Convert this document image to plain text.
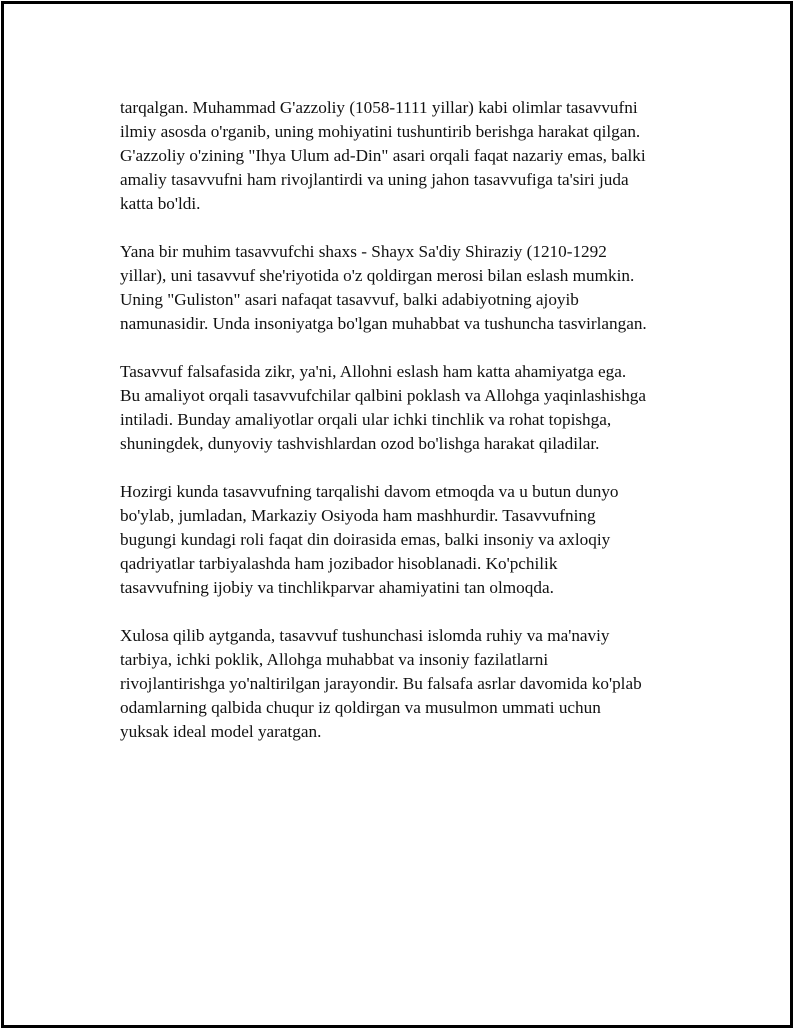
tarqalgan. Muhammad G'azzoliy (1058-1111 yillar) kabi olimlar tasavvufni
ilmiy asosda o'rganib, uning mohiyatini tushuntirib berishga harakat qilgan.
G'azzoliy o'zining "Ihya Ulum ad-Din" asari orqali faqat nazariy emas, balki
amaliy tasavvufni ham rivojlantirdi va uning jahon tasavvufiga ta'siri juda
katta bo'ldi.

Yana bir muhim tasavvufchi shaxs - Shayx Sa'diy Shiraziy (1210-1292
yillar), uni tasavvuf she'riyotida o'z qoldirgan merosi bilan eslash mumkin.
Uning "Guliston" asari nafaqat tasavvuf, balki adabiyotning ajoyib
namunasidir. Unda insoniyatga bo'lgan muhabbat va tushuncha tasvirlangan.

Tasavvuf falsafasida zikr, ya'ni, Allohni eslash ham katta ahamiyatga ega.
Bu amaliyot orqali tasavvufchilar qalbini poklash va Allohga yaqinlashishga
intiladi. Bunday amaliyotlar orqali ular ichki tinchlik va rohat topishga,
shuningdek, dunyoviy tashvishlardan ozod bo'lishga harakat qiladilar.

Hozirgi kunda tasavvufning tarqalishi davom etmoqda va u butun dunyo
bo'ylab, jumladan, Markaziy Osiyoda ham mashhurdir. Tasavvufning
bugungi kundagi roli faqat din doirasida emas, balki insoniy va axloqiy
qadriyatlar tarbiyalashda ham jozibador hisoblanadi. Ko'pchilik
tasavvufning ijobiy va tinchlikparvar ahamiyatini tan olmoqda.

Xulosa qilib aytganda, tasavvuf tushunchasi islomda ruhiy va ma'naviy
tarbiya, ichki poklik, Allohga muhabbat va insoniy fazilatlarni
rivojlantirishga yo'naltirilgan jarayondir. Bu falsafa asrlar davomida ko'plab
odamlarning qalbida chuqur iz qoldirgan va musulmon ummati uchun
yuksak ideal model yaratgan.
